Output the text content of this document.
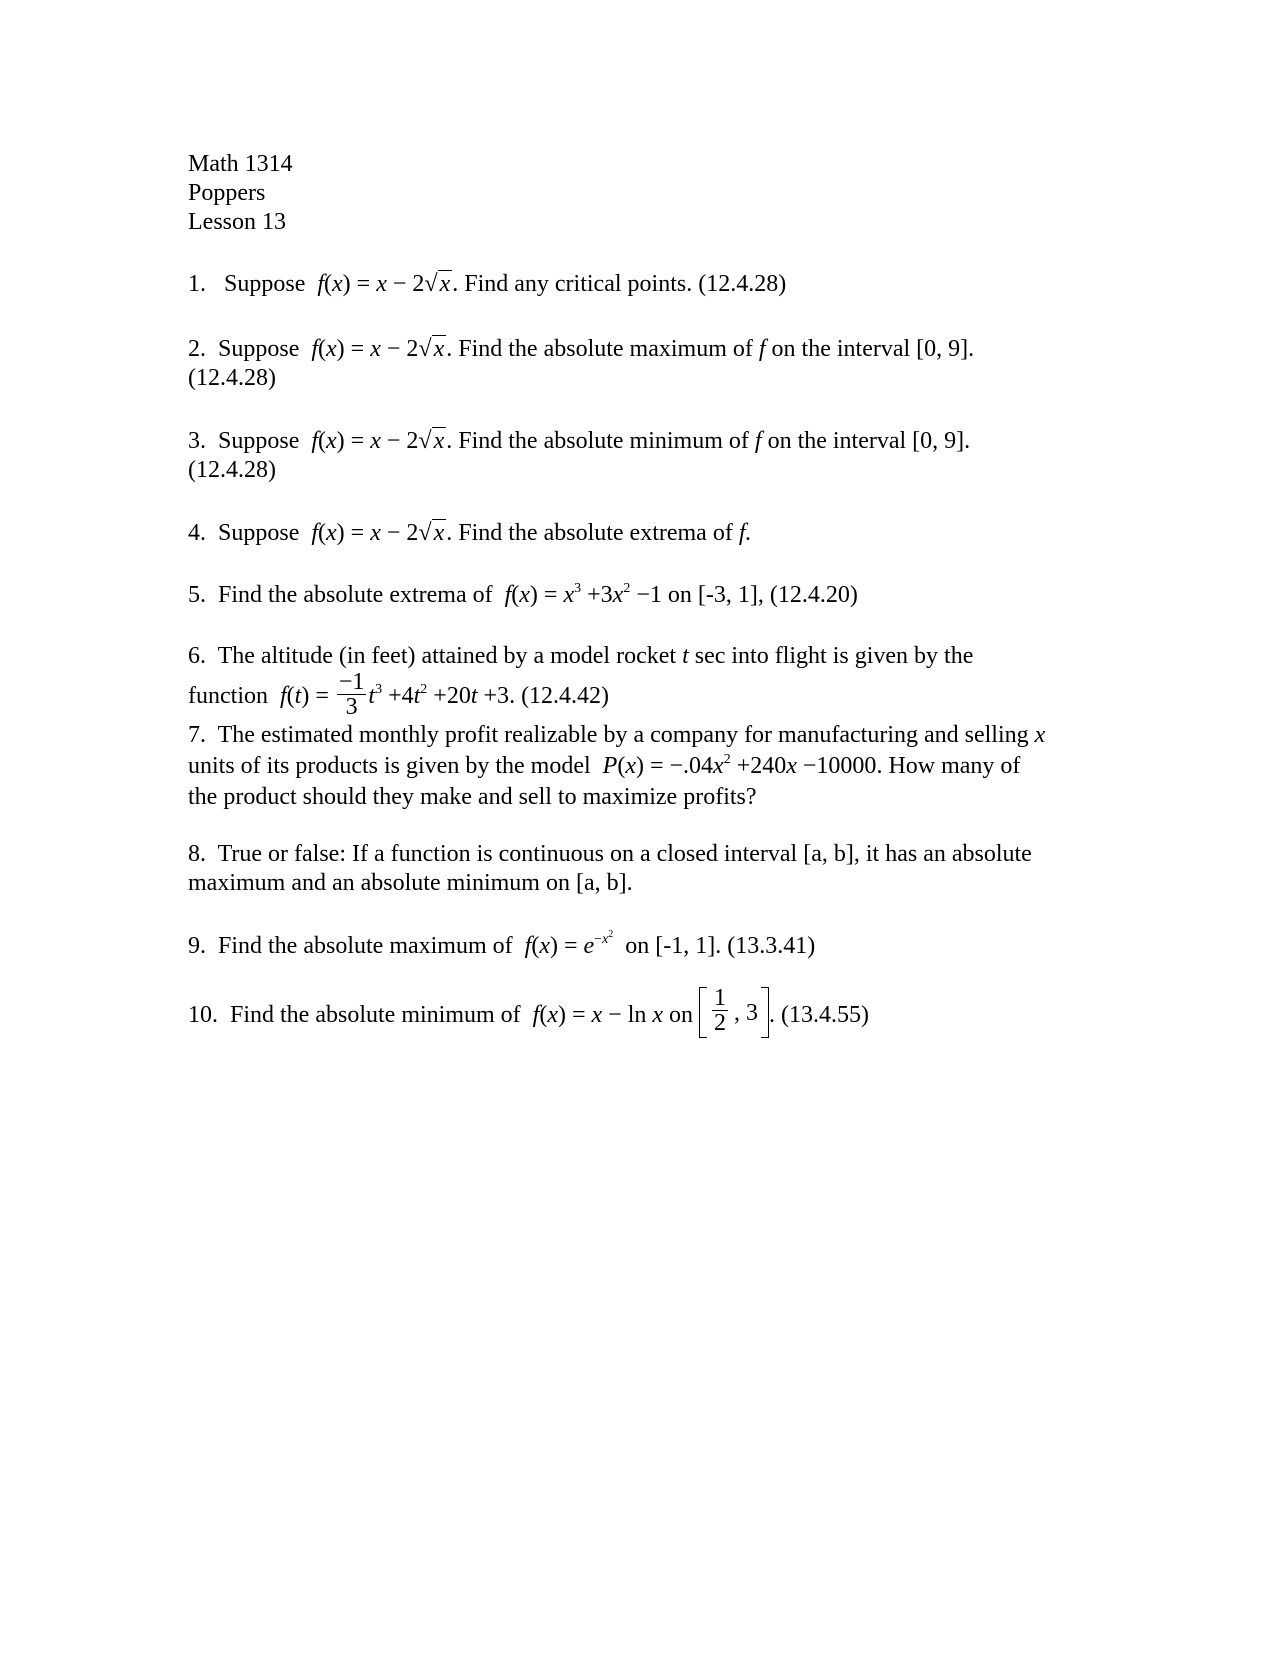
Math 1314
Poppers
Lesson 13
1. Suppose f(x) = x − 2√x. Find any critical points. (12.4.28)
2. Suppose f(x) = x − 2√x. Find the absolute maximum of f on the interval [0, 9].
(12.4.28)
3. Suppose f(x) = x − 2√x. Find the absolute minimum of f on the interval [0, 9].
(12.4.28)
4. Suppose f(x) = x − 2√x. Find the absolute extrema of f.
5. Find the absolute extrema of $f(x) = x^3 +3x^2 -1$ on [-3, 1], (12.4.20)
6. The altitude (in feet) attained by a model rocket t sec into flight is given by the
function $f(t) = \frac{-1}{3} t^3 +4t^2 +20t +3$. (12.4.42)
7. The estimated monthly profit realizable by a company for manufacturing and selling x
units of its products is given by the model $P(x) = -.04x^2 +240x -10000$. How many of
the product should they make and sell to maximize profits?
8. True or false: If a function is continuous on a closed interval [a, b], it has an absolute
maximum and an absolute minimum on [a, b].
9. Find the absolute maximum of $f(x) = e^{-x^2}$ on [-1, 1]. (13.3.41)
10. Find the absolute minimum of f(x) = x − ln x on $\frac{1}{2}$ , 3 . (13.4.55)
